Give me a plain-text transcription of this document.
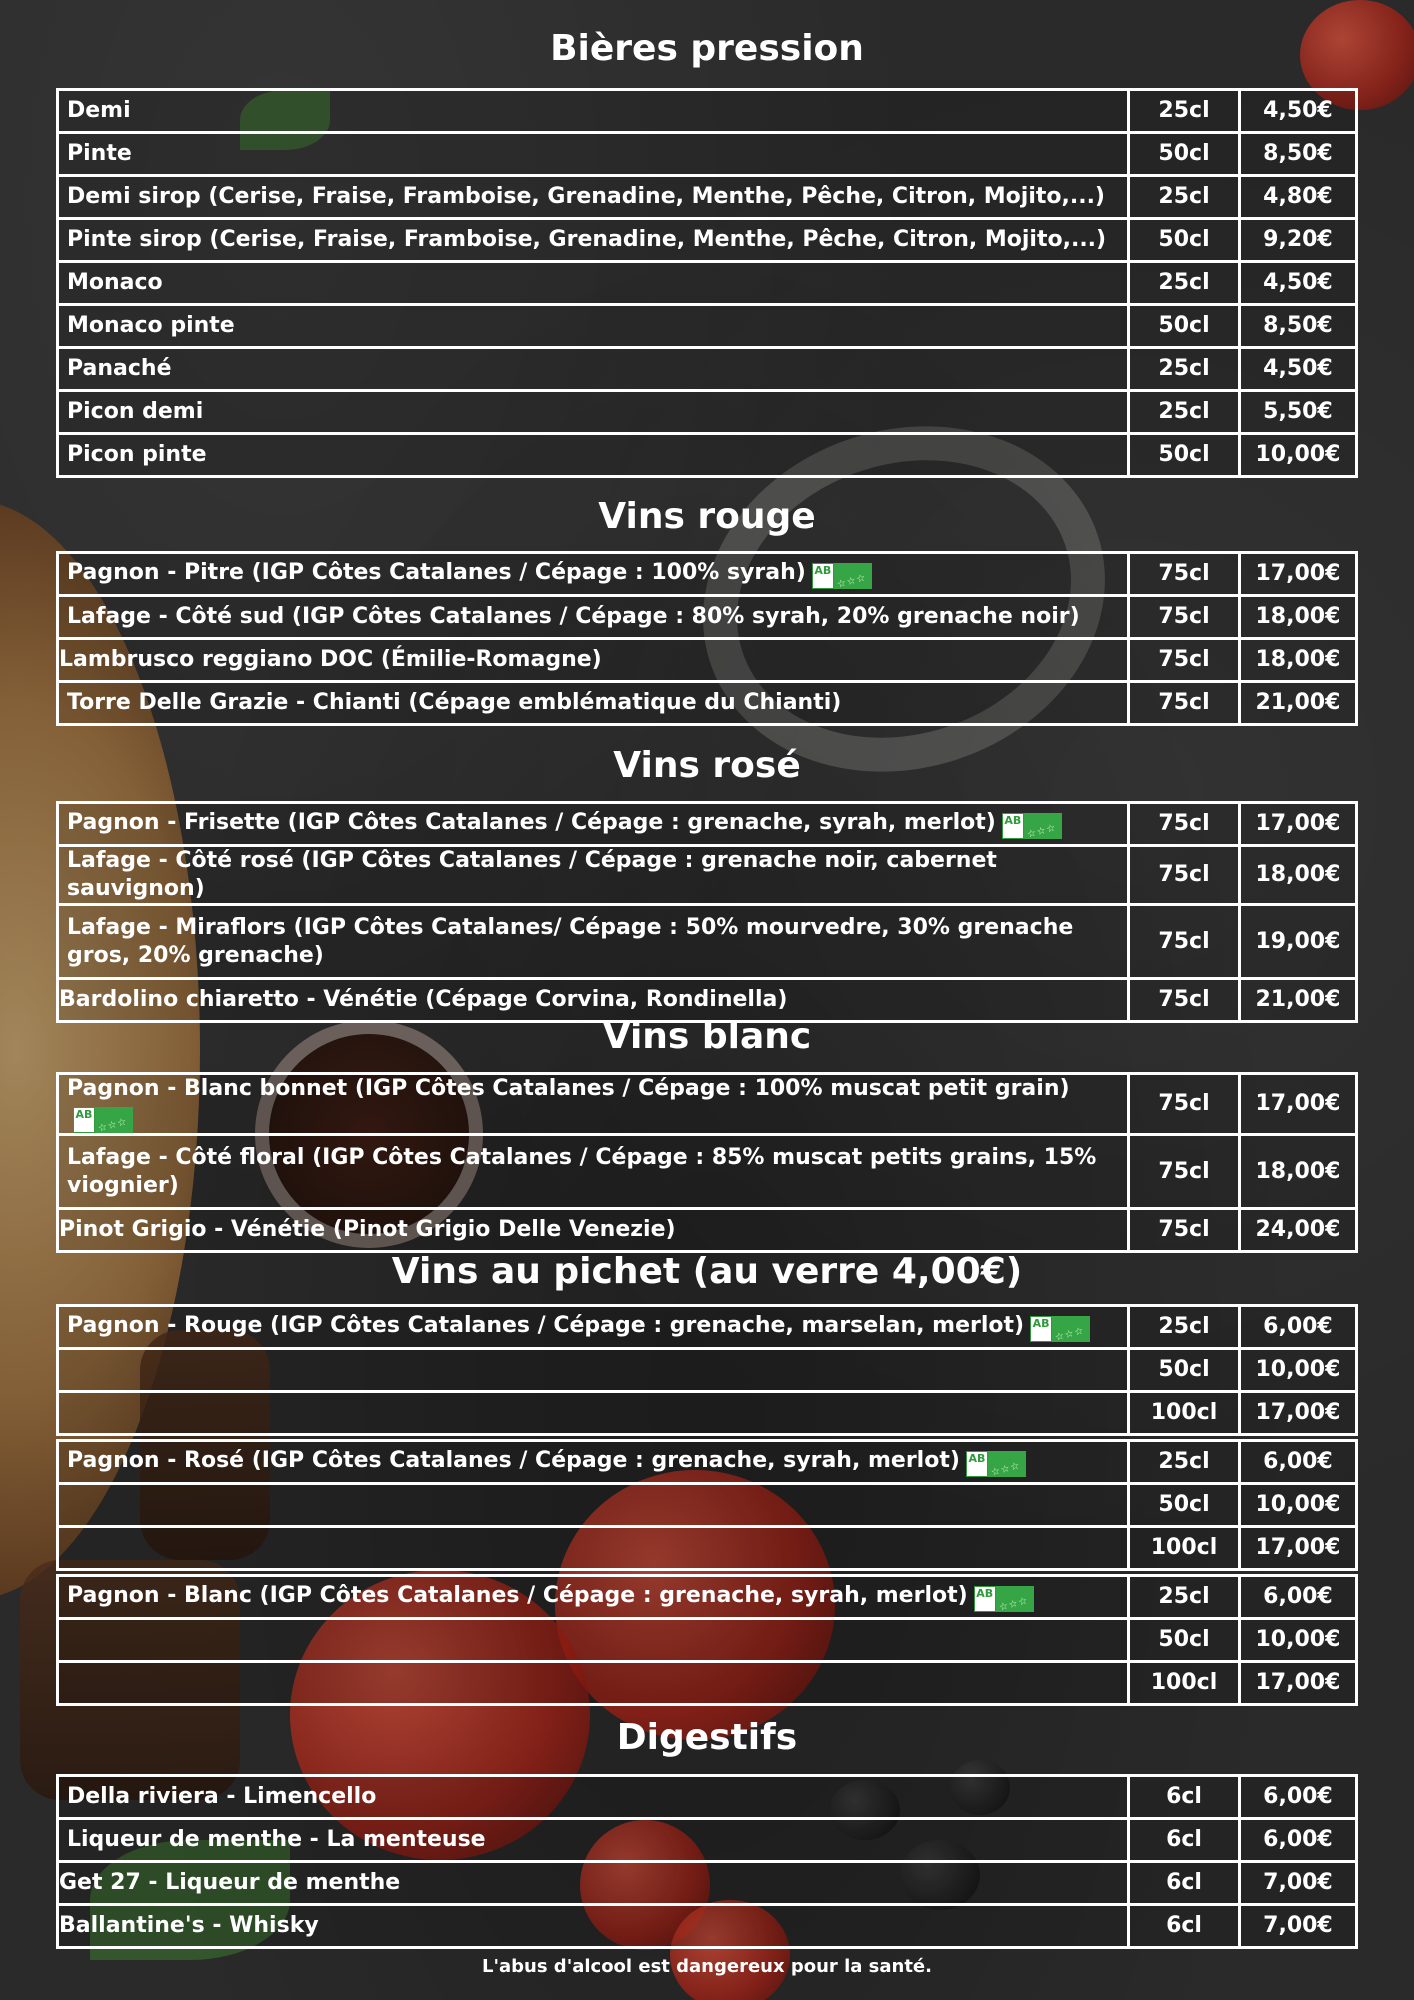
Bières pression
Demi	25cl	4,50€
Pinte	50cl	8,50€
Demi sirop (Cerise, Fraise, Framboise, Grenadine, Menthe, Pêche, Citron, Mojito,...)	25cl	4,80€
Pinte sirop (Cerise, Fraise, Framboise, Grenadine, Menthe, Pêche, Citron, Mojito,...)	50cl	9,20€
Monaco	25cl	4,50€
Monaco pinte	50cl	8,50€
Panaché	25cl	4,50€
Picon demi	25cl	5,50€
Picon pinte	50cl	10,00€
Vins rouge
Pagnon - Pitre (IGP Côtes Catalanes / Cépage : 100% syrah) AB☆☆☆	75cl	17,00€
Lafage - Côté sud (IGP Côtes Catalanes / Cépage : 80% syrah, 20% grenache noir)	75cl	18,00€
Lambrusco reggiano DOC (Émilie-Romagne)	75cl	18,00€
Torre Delle Grazie - Chianti (Cépage emblématique du Chianti)	75cl	21,00€
Vins rosé
Pagnon - Frisette (IGP Côtes Catalanes / Cépage : grenache, syrah, merlot) AB☆☆☆	75cl	17,00€
Lafage - Côté rosé (IGP Côtes Catalanes / Cépage : grenache noir, cabernet sauvignon)	75cl	18,00€
Lafage - Miraflors (IGP Côtes Catalanes/ Cépage : 50% mourvedre, 30% grenache gros, 20% grenache)	75cl	19,00€
Bardolino chiaretto - Vénétie (Cépage Corvina, Rondinella)	75cl	21,00€
Vins blanc
Pagnon - Blanc bonnet (IGP Côtes Catalanes / Cépage : 100% muscat petit grain)AB☆☆☆	75cl	17,00€
Lafage - Côté floral (IGP Côtes Catalanes / Cépage : 85% muscat petits grains, 15% viognier)	75cl	18,00€
Pinot Grigio - Vénétie (Pinot Grigio Delle Venezie)	75cl	24,00€
Vins au pichet (au verre 4,00€)
Pagnon - Rouge (IGP Côtes Catalanes / Cépage : grenache, marselan, merlot) AB☆☆☆	25cl	6,00€
	50cl	10,00€
	100cl	17,00€
Pagnon - Rosé (IGP Côtes Catalanes / Cépage : grenache, syrah, merlot) AB☆☆☆	25cl	6,00€
	50cl	10,00€
	100cl	17,00€
Pagnon - Blanc (IGP Côtes Catalanes / Cépage : grenache, syrah, merlot) AB☆☆☆	25cl	6,00€
	50cl	10,00€
	100cl	17,00€
Digestifs
Della riviera - Limencello	6cl	6,00€
Liqueur de menthe - La menteuse	6cl	6,00€
Get 27 - Liqueur de menthe	6cl	7,00€
Ballantine's - Whisky	6cl	7,00€
L'abus d'alcool est dangereux pour la santé.
